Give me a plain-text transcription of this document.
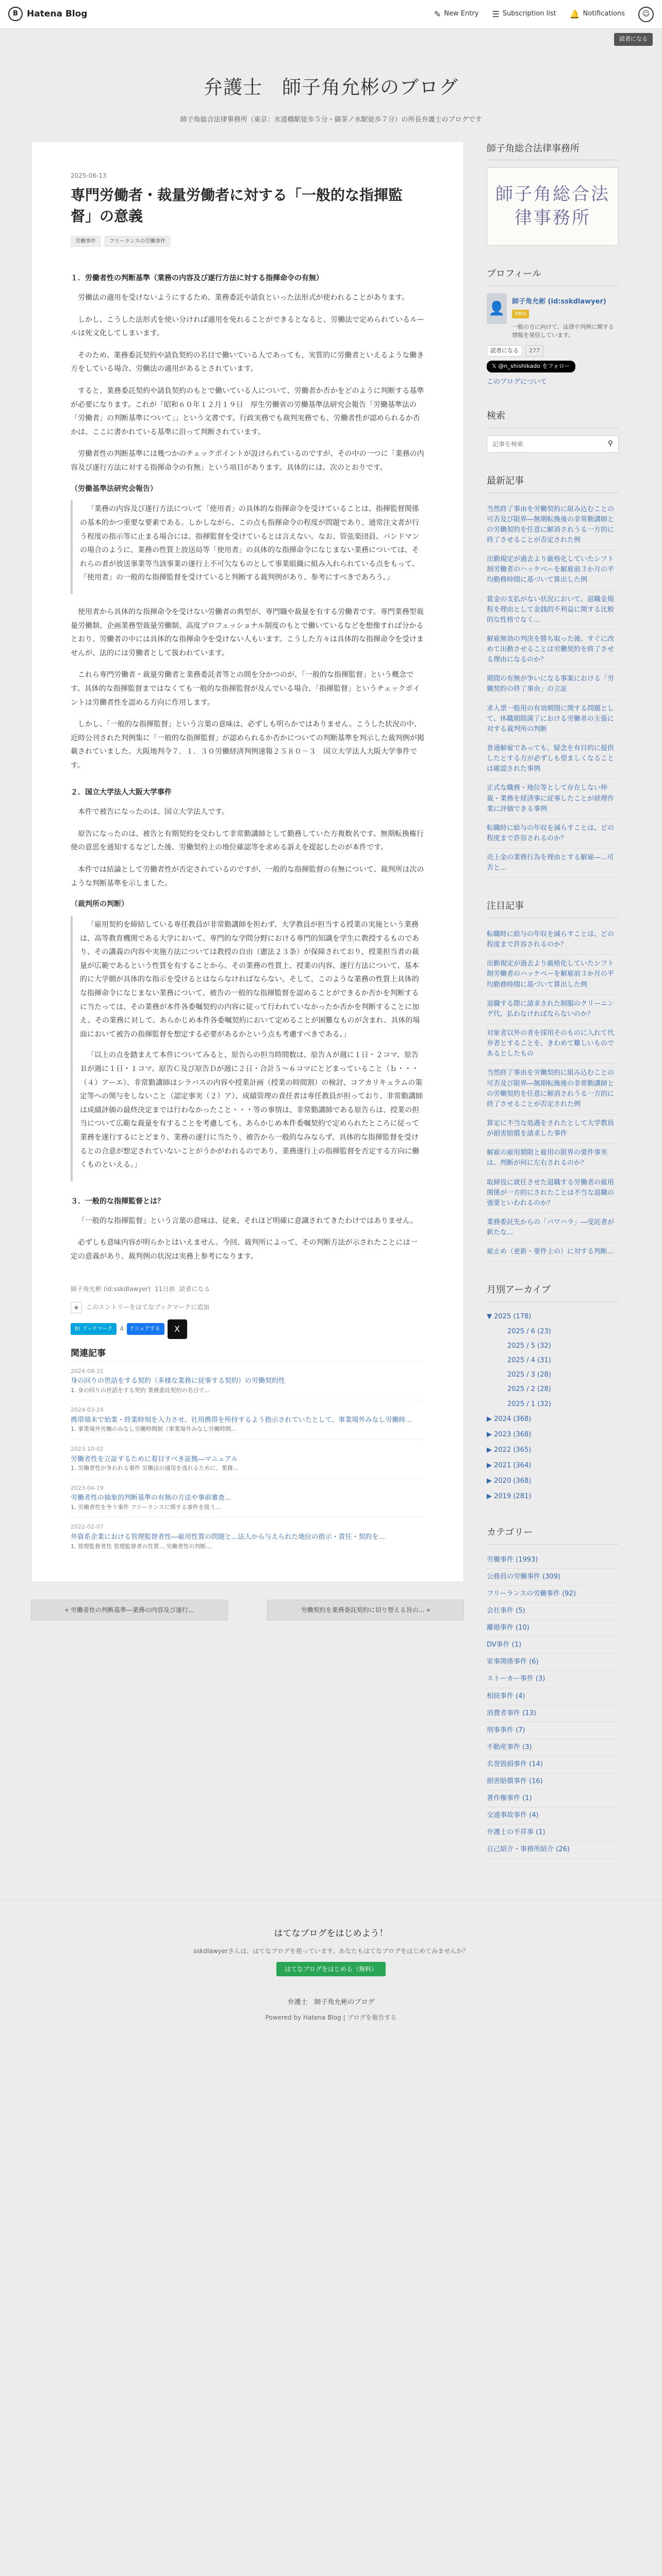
B	Hatena Blog	✎ New Entry ☰ Subscription list 🔔 Notifications	☺
読者になる
弁護士　師子角允彬のブログ
師子角総合法律事務所（東京：水道橋駅徒歩５分・御茶ノ水駅徒歩７分）の所長弁護士のブログです
2025-06-13
専門労働者・裁量労働者に対する「一般的な指揮監督」の意義
労働事件	フリーランスの労働事件
１．労働者性の判断基準（業務の内容及び遂行方法に対する指揮命令の有無）

労働法の適用を受けないようにするため、業務委託や請負といった法形式が使われることがあります。

しかし、こうした法形式を使い分ければ適用を免れることができるとなると、労働法で定められているルールは死文化してしまいます。

そのため、業務委託契約や請負契約の名目で働いている人であっても、実質的に労働者といえるような働き方をしている場合、労働法の適用があるとされています。

すると、業務委託契約や請負契約のもとで働いている人について、労働者か否かをどのように判断する基準が必要になります。これが「昭和６０年１２月１９日　厚生労働省の労働基準法研究会報告「労働基準法の「労働者」の判断基準について」」という文書です。行政実務でも裁判実務でも、労働者性が認められるか否かは、ここに書かれている基準に沿って判断されています。

労働者性の判断基準には幾つかのチェックポイントが設けられているのですが、その中の一つに「業務の内容及び遂行方法に対する指揮命令の有無」という項目があります。具体的には、次のとおりです。

（労働基準法研究会報告）

「業務の内容及び遂行方法について「使用者」の具体的な指揮命令を受けていることは、指揮監督関係の基本的かつ重要な要素である。しかしながら、この点も指揮命令の程度が問題であり、通常注文者が行う程度の指示等に止まる場合には、指揮監督を受けているとは言えない。なお、管弦楽団員、バンドマンの場合のように、業務の性質上放送局等「使用者」の具体的な指揮命令になじまない業務については、それらの者が放送事業等当該事業の遂行上不可欠なものとして事業組織に組み入れられている点をもって、「使用者」の一般的な指揮監督を受けていると判断する裁判例があり、参考にすべきであろう。」

使用者から具体的な指揮命令を受けない労働者の典型が、専門職や裁量を有する労働者です。専門業務型裁量労働制、企画業務型裁量労働制、高度プロフェッショナル制度のもとで働いているなどを想像すれば分かるとおり、労働者の中には具体的な指揮命令を受けない人もいます。こうした方々は具体的な指揮命令を受けませんが、法的には労働者として扱われています。

これら専門労働者・裁量労働者と業務委託者等との間を分かつのが、「一般的な指揮監督」という概念です。具体的な指揮監督まではなくても一般的な指揮監督が及んでいる場合、「指揮監督」というチェックポイントは労働者性を認める方向に作用します。

しかし、「一般的な指揮監督」という言葉の意味は、必ずしも明らかではありません。こうした状況の中、近時公刊された判例集に「一般的な指揮監督」が認められるか否かについての判断基準を判示した裁判例が掲載されていました。大阪地判令７．１．３０労働経済判例速報２５８０－３　国立大学法人大阪大学事件です。

２．国立大学法人大阪大学事件

本件で被告になったのは、国立大学法人です。

原告になったのは、被告と有期契約を交わして非常勤講師として勤務していた方複数名です。無期転換権行使の意思を通知するなどした後、労働契約上の地位確認等を求める訴えを提起したのが本件です。

本件では結論として労働者性が否定されているのですが、一般的な指揮監督の有無について、裁判所は次のような判断基準を示しました。

（裁判所の判断）

「雇用契約を締結している専任教員が非常勤講師を担わず、大学教員が担当する授業の実施という業務は、高等教育機関である大学において、専門的な学問分野における専門的知識を学生に教授するものであり、その講義の内容や実施方法については教授の自由（憲法２３条）が保障されており、授業担当者の裁量が広範であるという性質を有することから、その業務の性質上、授業の内容、遂行方法について、基本的に大学側が具体的な指示を受けるとはならなければならない。そして、このような業務の性質上具体的な指揮命令になじまない業務について、被告の一般的な指揮監督を認めることができるか否かを判断するに当たっては、その業務が本件各委嘱契約の内容に従って行われていなかったか否かを判断することに加え、その業務に対して、あらかじめ本件各委嘱契約において定めることが困難なものが含まれ、具体的場面において被告の指揮監督を想定する必要があるかという点も考慮すべきである。」

「以上の点を踏まえて本件についてみると、原告らの担当時間数は、原告Ａが週に１日・２コマ、原告Ｂが週に１日・１コマ、原告Ｃ及び原告Ｄが週に２日・合計５～６コマにとどまっていること（ｂ・・・（４）アーエ）、非常勤講師はシラバスの内容や授業計画（授業の時間割）の検討、コアカリキュラムの策定等への関与をしないこと（認定事実（２）ア）、成績管理の責任者は専任教員が担っており、非常勤講師は成績評価の最終決定までは行わなかったこと・・・等の事情は、非常勤講師である原告らは、授業の担当について広範な裁量を有することを考慮しても、あらかじめ本件委嘱契約で定められたところに従って業務を遂行するにとどまり、業務の遂行に当たり、被告から一般的なみならず、具体的な指揮監督を受けるとの合意が想定されていないことがうかがわれるのであり、業務遂行上の指揮監督を否定する方向に働くものといえる。」

３．一般的な指揮監督とは？

「一般的な指揮監督」という言葉の意味は、従来、それほど明確に意識されてきたわけではありません。

必ずしも意味内容が明らかとはいえません。今回、裁判所によって、その判断方法が示されたことには一定の意義があり、裁判例の状況は実務上参考になります。

師子角允彬 (id:sskdlawyer) 11日前 読者になる
★	このエントリーをはてなブックマークに追加
B! ブックマーク	4	f シェアする	X
関連記事
2024-08-31
身の回りの世話をする契約（多様な業務に従事する契約）の労働契約性
1. 身の回りの世話をする契約 業務委託契約の名目で...
2024-03-24
携帯端末で始業・終業時刻を入力させ、社用携帯を所持するよう指示されていたとして、事業場外みなし労働時...
1. 事業場外労働のみなし労働時間制（事業場外みなし労働時間...
2023-10-02
労働者性を立証するために着目すべき証拠―マニュアル
1. 労働者性が争われる事件 労働法の適用を逃れるために、業務...
2023-04-19
労働者性の抽象的判断基準の有無の方法や事前審査...
1. 労働者性を争う事件 フリーランスに関する事件を扱う...
2022-02-07
外資系企業における管理監督者性―雇用性質の問題と...法人から与えられた地位の指示・責任・契約を...
1. 管理監督者性 管理監督者の性質... 労働者性の判断...
« 労働者性の判断基準―業務の内容及び遂行...	労働契約を業務委託契約に切り替える旨の... »
師子角総合法律事務所
師子角総合法律事務所
プロフィール
👤 師子角允彬 (id:sskdlawyer)
PRO
一般の方に向けて、法律や判例に関する情報を発信しています。
読者になる	277
𝕏 @n_shishikado をフォロー
このブログについて
検索
記事を検索
⚲
最新記事
当然終了事由を労働契約に組み込むことの可否及び限界―無期転換後の非常勤講師との労働契約を任意に解消されうる一方的に終了させることが否定された例
出勤規定が過去より厳格化していたシフト制労働者のハッケベーを解雇前３か月の平均勤務時間に基づいて算出した例
賞金の支払がない状況において、退職金規程を理由として金銭的不利益に関する比較的な性格でなく...
解雇無効の判決を勝ち取った後、すぐに改めて出勤させることは労働契約を終了させる理由になるのか？
期間の有無が争いになる事案における「労働契約の終了事由」の立証
求人票一般用の有効期間に関する問題として、休職期間満了における労働者の主張に対する裁判所の判断
普通解雇であっても、疑念を有目的に提供したとする方が必ずしも望ましくなることは確認された事例
正式な職務・地位等として存在しない仲裁・業務を経済事に従事したことが経理作業に評価できる事例
転職時に給与の年収を減らすことは、どの程度まで許容されるのか？
売上金の業務行為を理由とする解雇―...可否と...
注目記事
転職時に給与の年収を減らすことは、どの程度まで許容されるのか？
出勤規定が過去より厳格化していたシフト制労働者のハッケベーを解雇前３か月の平均勤務時間に基づいて算出した例
退職する際に請求された制服のクリーニング代、払わなければならないのか？
対象者以外の者を採用そのものに入れて代弁者とすることを、きわめて難しいものであるとしたもの
当然終了事由を労働契約に組み込むことの可否及び限界―無期転換後の非常勤講師との労働契約を任意に解消されうる一方的に終了させることが否定された例
算定に不当な処遇をされたとして大学教員が損害賠償を請求した事件
解雇の雇用期限と雇用の限界の要件事実は、判断が何に左右されるのか？
取締役に就任させた退職する労働者の雇用関係が一方的にされたことは不当な退職の強要といわれるのか？
業務委託先からの「パワハラ」―受託者が新たな...
雇止め（更新・要件上の）に対する判断...
月別アーカイブ
▼ 2025 (178)
2025 / 6 (23)
2025 / 5 (32)
2025 / 4 (31)
2025 / 3 (28)
2025 / 2 (28)
2025 / 1 (32)
▶ 2024 (368)
▶ 2023 (368)
▶ 2022 (365)
▶ 2021 (364)
▶ 2020 (368)
▶ 2019 (281)
カテゴリー
労働事件 (1993)
公務員の労働事件 (309)
フリーランスの労働事件 (92)
会社事件 (5)
離婚事件 (10)
DV事件 (1)
家事関係事件 (6)
ストーカー事件 (3)
相続事件 (4)
消費者事件 (13)
刑事事件 (7)
不動産事件 (3)
名誉毀損事件 (14)
損害賠償事件 (16)
著作権事件 (1)
交通事故事件 (4)
弁護士の不祥事 (1)
自己紹介・事務所紹介 (26)
はてなブログをはじめよう！
sskdlawyerさんは、はてなブログを使っています。あなたもはてなブログをはじめてみませんか？
はてなブログをはじめる（無料）
弁護士　師子角允彬のブログ
Powered by Hatena Blog | ブログを報告する
